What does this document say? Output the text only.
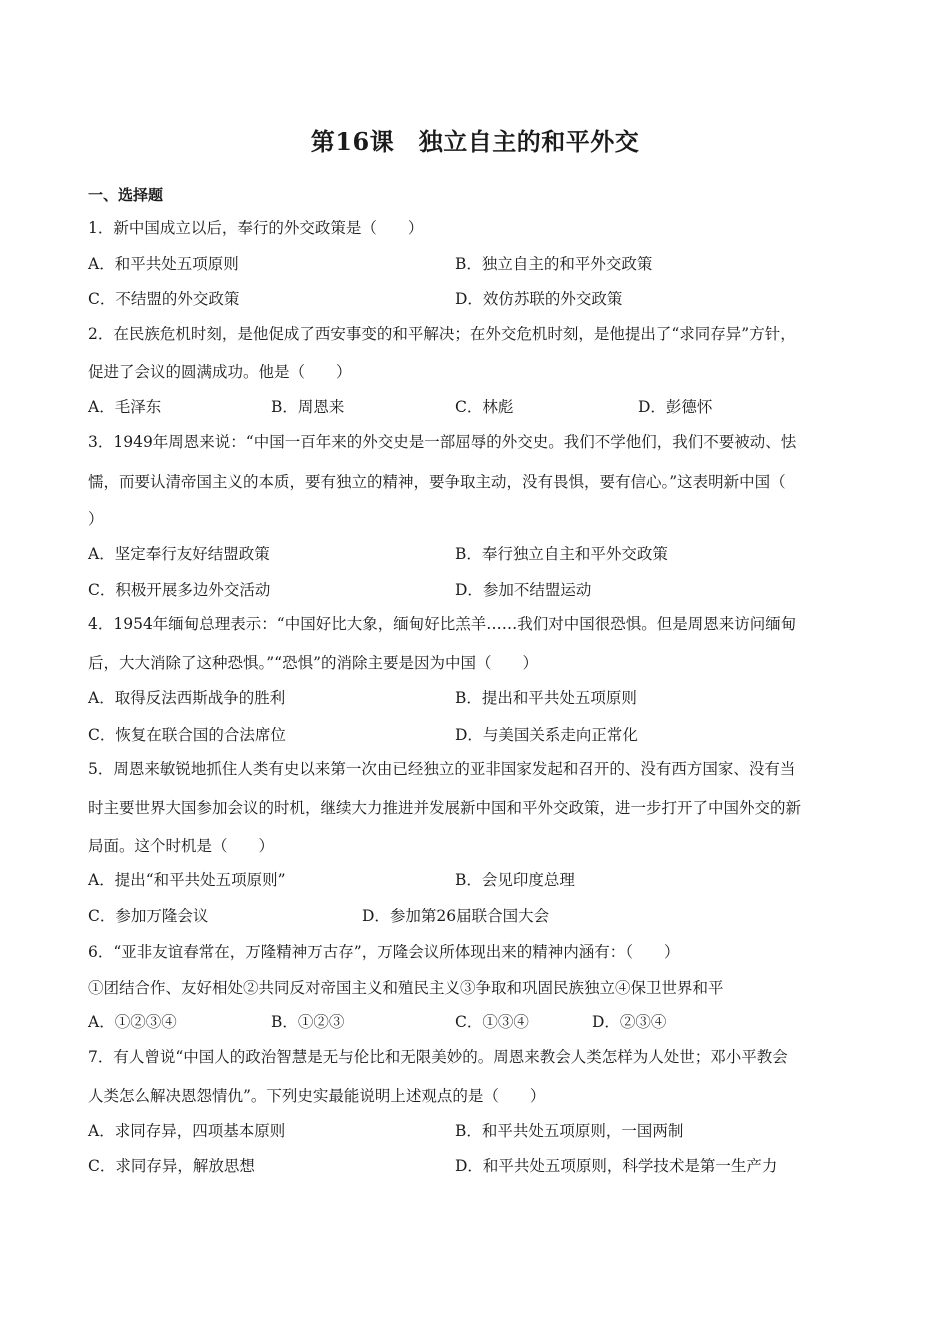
第16课　独立自主的和平外交
一、选择题
1．新中国成立以后，奉行的外交政策是（　　）
A．和平共处五项原则	B．独立自主的和平外交政策
C．不结盟的外交政策	D．效仿苏联的外交政策
2．在民族危机时刻，是他促成了西安事变的和平解决；在外交危机时刻，是他提出了“求同存异”方针，
促进了会议的圆满成功。他是（　　）
A．毛泽东	B．周恩来	C．林彪	D．彭德怀
3．1949年周恩来说：“中国一百年来的外交史是一部屈辱的外交史。我们不学他们，我们不要被动、怯
懦，而要认清帝国主义的本质，要有独立的精神，要争取主动，没有畏惧，要有信心。”这表明新中国（
）
A．坚定奉行友好结盟政策	B．奉行独立自主和平外交政策
C．积极开展多边外交活动	D．参加不结盟运动
4．1954年缅甸总理表示：“中国好比大象，缅甸好比羔羊……我们对中国很恐惧。但是周恩来访问缅甸
后，大大消除了这种恐惧。”“恐惧”的消除主要是因为中国（　　）
A．取得反法西斯战争的胜利	B．提出和平共处五项原则
C．恢复在联合国的合法席位	D．与美国关系走向正常化
5．周恩来敏锐地抓住人类有史以来第一次由已经独立的亚非国家发起和召开的、没有西方国家、没有当
时主要世界大国参加会议的时机，继续大力推进并发展新中国和平外交政策，进一步打开了中国外交的新
局面。这个时机是（　　）
A．提出“和平共处五项原则”	B．会见印度总理
C．参加万隆会议	D．参加第26届联合国大会
6．“亚非友谊春常在，万隆精神万古存”，万隆会议所体现出来的精神内涵有：（　　）
①团结合作、友好相处②共同反对帝国主义和殖民主义③争取和巩固民族独立④保卫世界和平
A．①②③④	B．①②③	C．①③④	D．②③④
7．有人曾说“中国人的政治智慧是无与伦比和无限美妙的。周恩来教会人类怎样为人处世；邓小平教会
人类怎么解决恩怨情仇”。下列史实最能说明上述观点的是（　　）
A．求同存异，四项基本原则	B．和平共处五项原则，一国两制
C．求同存异，解放思想	D．和平共处五项原则，科学技术是第一生产力
